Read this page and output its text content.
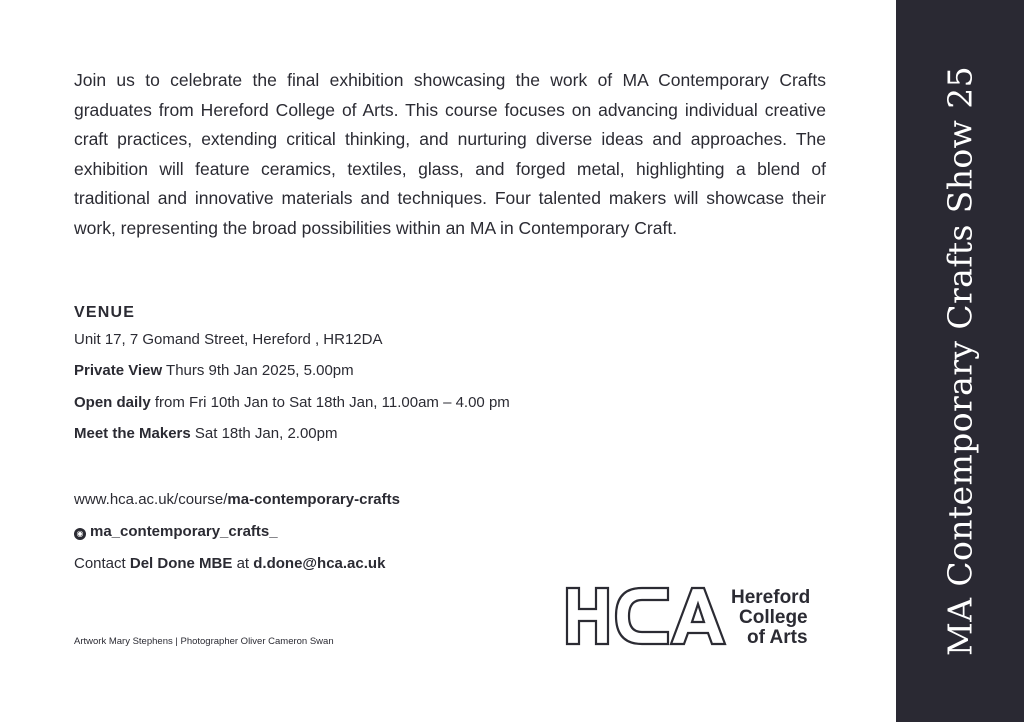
Join us to celebrate the final exhibition showcasing the work of MA Contemporary Crafts graduates from Hereford College of Arts. This course focuses on advancing individual creative craft practices, extending critical thinking, and nurturing diverse ideas and approaches. The exhibition will feature ceramics, textiles, glass, and forged metal, highlighting a blend of traditional and innovative materials and techniques. Four talented makers will showcase their work, representing the broad possibilities within an MA in Contemporary Craft.

VENUE
Unit 17, 7 Gomand Street, Hereford , HR12DA
Private View Thurs 9th Jan 2025, 5.00pm
Open daily from Fri 10th Jan to Sat 18th Jan, 11.00am – 4.00 pm
Meet the Makers Sat 18th Jan, 2.00pm
www.hca.ac.uk/course/ma-contemporary-crafts
◉ ma_contemporary_crafts_
Contact Del Done MBE at d.done@hca.ac.uk
Artwork Mary Stephens | Photographer Oliver Cameron Swan
Hereford
College
of Arts	MA Contemporary Crafts Show 25
